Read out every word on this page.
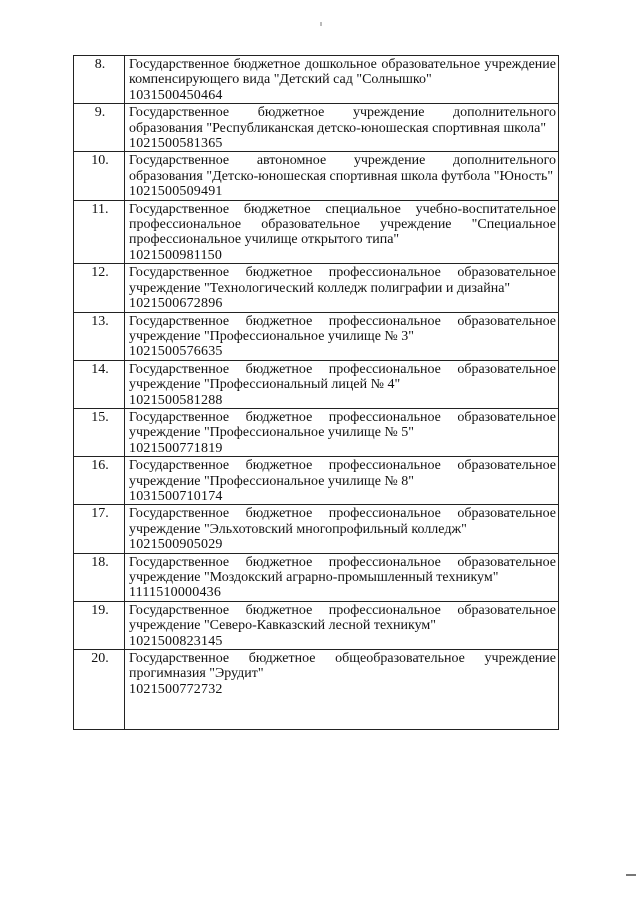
8.	Государственное бюджетное дошкольное образовательное учреждение компенсирующего вида "Детский сад "Солнышко"
1031500450464

9.	Государственное бюджетное учреждение дополнительного образования "Республиканская детско-юношеская спортивная школа"
1021500581365

10.	Государственное автономное учреждение дополнительного образования "Детско-юношеская спортивная школа футбола "Юность"
1021500509491

11.	Государственное бюджетное специальное учебно-воспитательное профессиональное образовательное учреждение "Специальное профессиональное училище открытого типа"
1021500981150

12.	Государственное бюджетное профессиональное образовательное учреждение "Технологический колледж полиграфии и дизайна"
1021500672896

13.	Государственное бюджетное профессиональное образовательное учреждение "Профессиональное училище № 3"
1021500576635

14.	Государственное бюджетное профессиональное образовательное учреждение "Профессиональный лицей № 4"
1021500581288

15.	Государственное бюджетное профессиональное образовательное учреждение "Профессиональное училище № 5"
1021500771819

16.	Государственное бюджетное профессиональное образовательное учреждение "Профессиональное училище № 8"
1031500710174

17.	Государственное бюджетное профессиональное образовательное учреждение "Эльхотовский многопрофильный колледж"
1021500905029

18.	Государственное бюджетное профессиональное образовательное учреждение "Моздокский аграрно-промышленный техникум"
1111510000436

19.	Государственное бюджетное профессиональное образовательное учреждение "Северо-Кавказский лесной техникум"
1021500823145

20.	Государственное бюджетное общеобразовательное учреждение прогимназия "Эрудит"
1021500772732
